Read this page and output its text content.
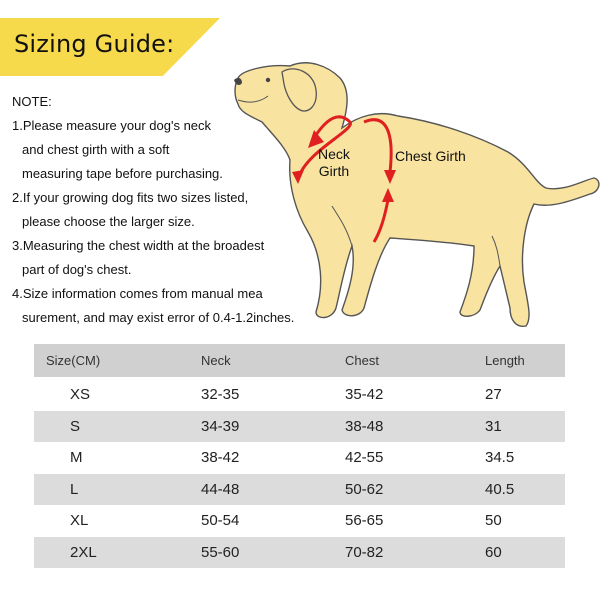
Sizing Guide:
NOTE:
1.Please measure your dog's neck
and chest girth with a soft
measuring tape before purchasing.
2.If your growing dog fits two sizes listed,
please choose the larger size.
3.Measuring the chest width at the broadest
part of dog's chest.
4.Size information comes from manual mea
surement, and may exist error of 0.4-1.2inches.
Neck
Girth
Chest Girth
Size(CM)	Neck	Chest	Length
XS	32-35	35-42	27
S	34-39	38-48	31
M	38-42	42-55	34.5
L	44-48	50-62	40.5
XL	50-54	56-65	50
2XL	55-60	70-82	60
